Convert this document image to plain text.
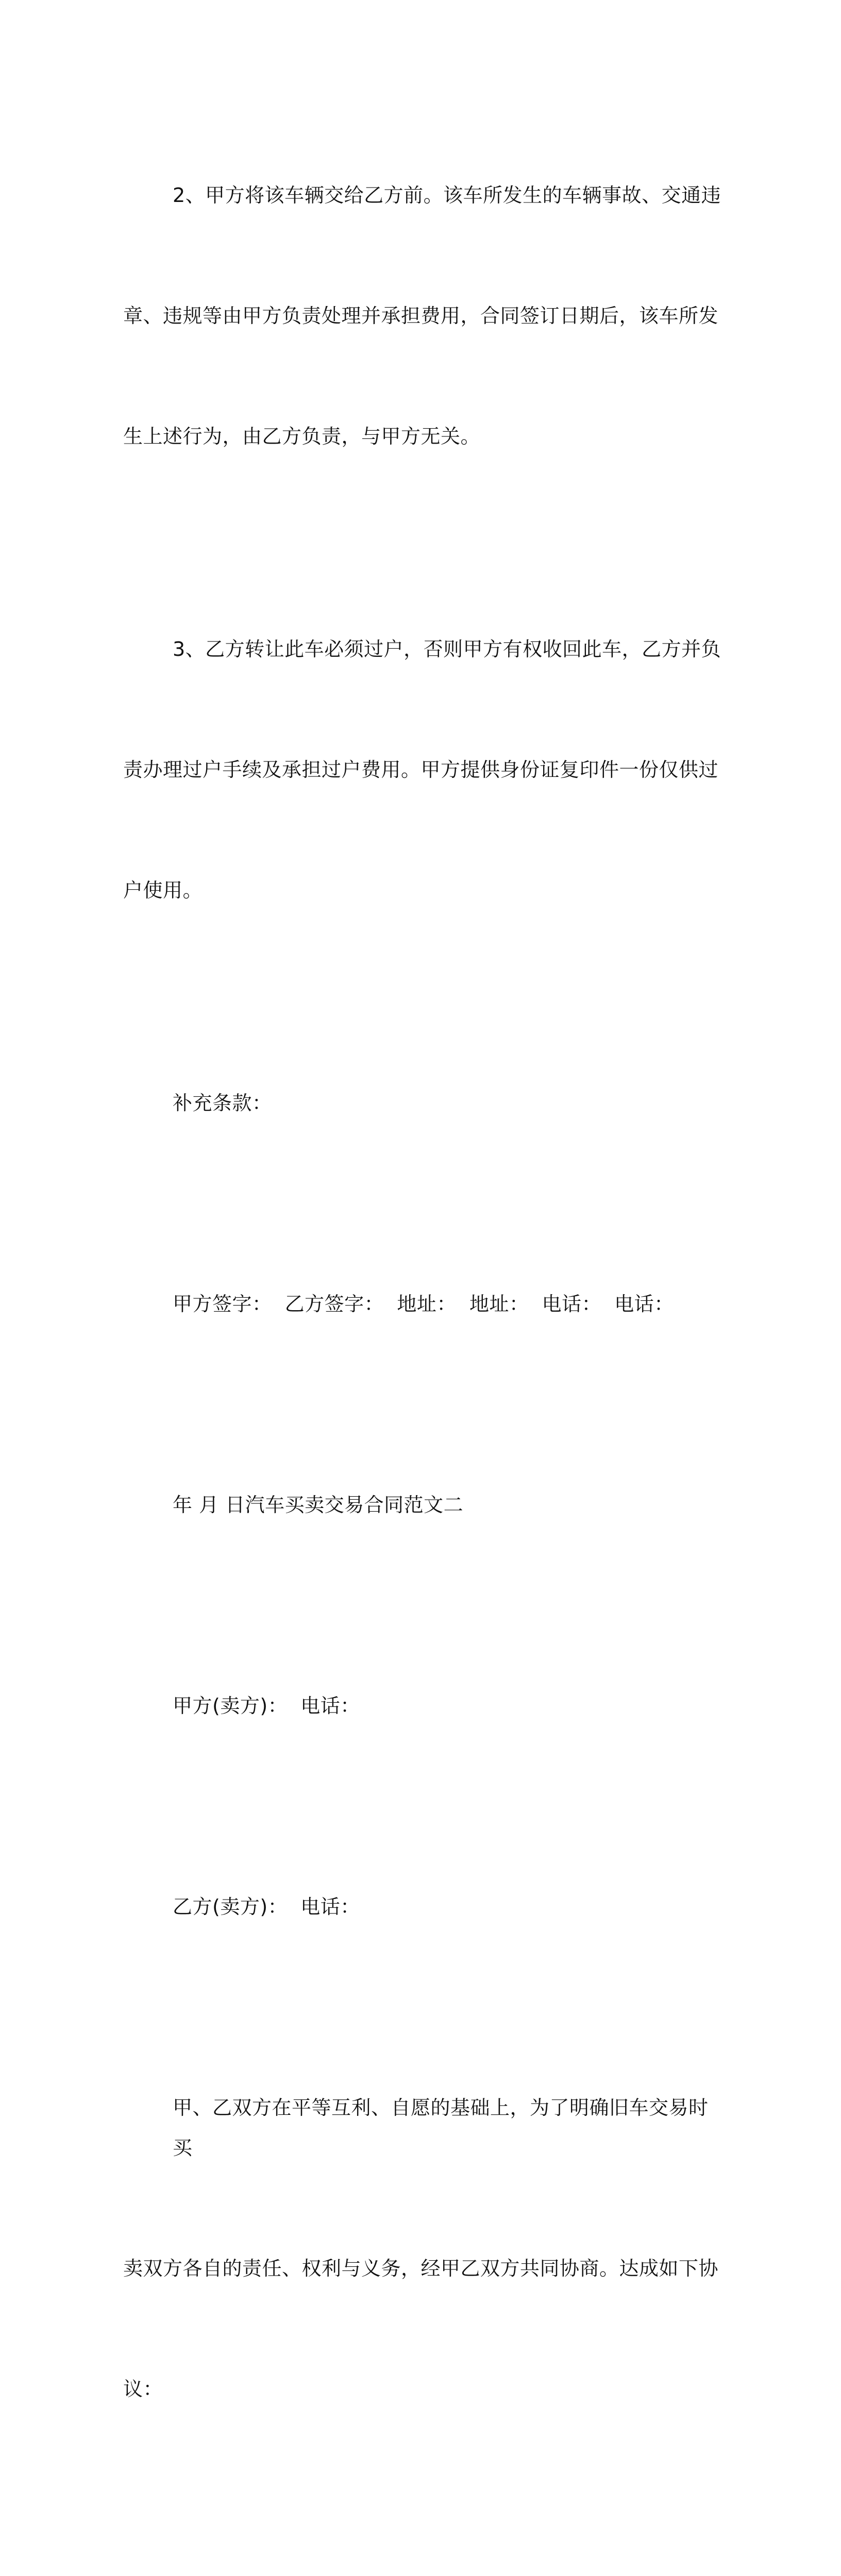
2、甲方将该车辆交给乙方前。该车所发生的车辆事故、交通违

章、违规等由甲方负责处理并承担费用，合同签订日期后，该车所发

生上述行为，由乙方负责，与甲方无关。

3、乙方转让此车必须过户，否则甲方有权收回此车，乙方并负

责办理过户手续及承担过户费用。甲方提供身份证复印件一份仅供过

户使用。

补充条款：

甲方签字：  乙方签字：  地址：  地址：  电话：  电话：

年 月 日汽车买卖交易合同范文二

甲方(卖方)：  电话：

乙方(卖方)：  电话：

甲、乙双方在平等互利、自愿的基础上，为了明确旧车交易时买

卖双方各自的责任、权利与义务，经甲乙双方共同协商。达成如下协

议：
